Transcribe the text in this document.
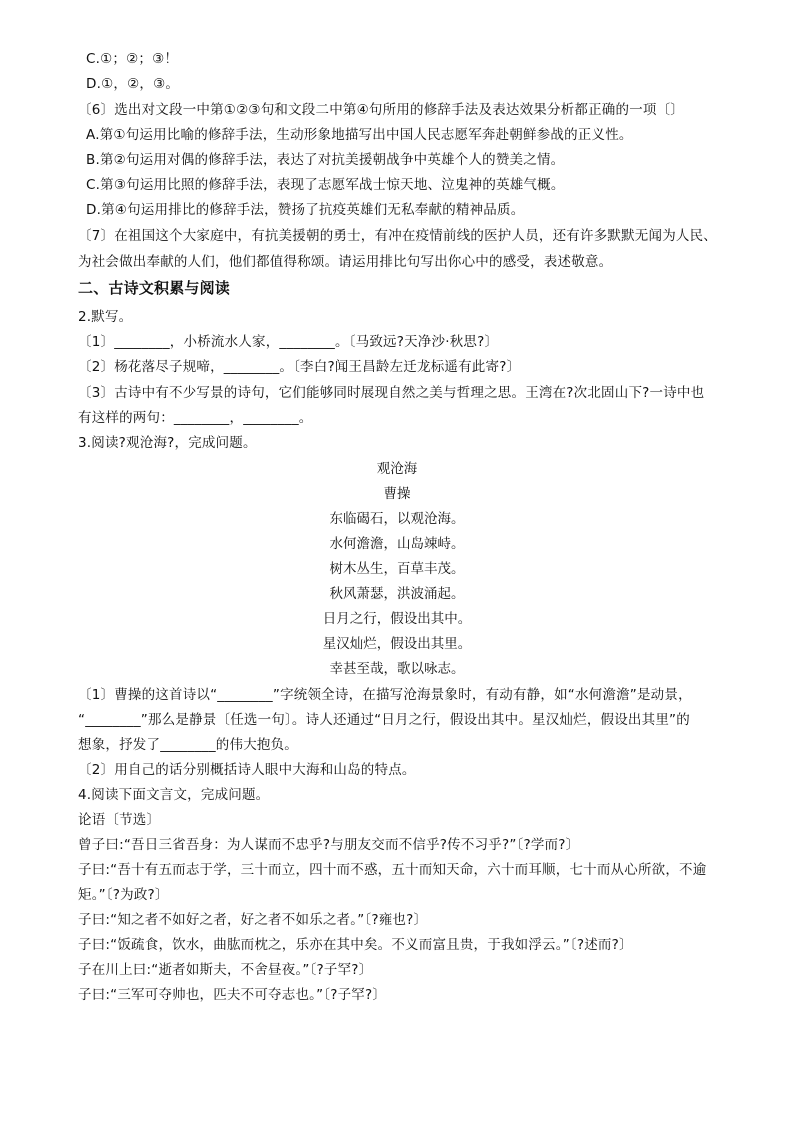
C.①；②；③！
D.①，②，③。
〔6〕选出对文段一中第①②③句和文段二中第④句所用的修辞手法及表达效果分析都正确的一项〔〕
A.第①句运用比喻的修辞手法，生动形象地描写出中国人民志愿军奔赴朝鲜参战的正义性。
B.第②句运用对偶的修辞手法，表达了对抗美援朝战争中英雄个人的赞美之情。
C.第③句运用比照的修辞手法，表现了志愿军战士惊天地、泣鬼神的英雄气概。
D.第④句运用排比的修辞手法，赞扬了抗疫英雄们无私奉献的精神品质。
〔7〕在祖国这个大家庭中，有抗美援朝的勇士，有冲在疫情前线的医护人员，还有许多默默无闻为人民、
为社会做出奉献的人们，他们都值得称颂。请运用排比句写出你心中的感受，表述敬意。
二、古诗文积累与阅读
2.默写。
〔1〕________，小桥流水人家，________。〔马致远?天净沙·秋思?〕
〔2〕杨花落尽子规啼，________。〔李白?闻王昌龄左迁龙标遥有此寄?〕
〔3〕古诗中有不少写景的诗句，它们能够同时展现自然之美与哲理之思。王湾在?次北固山下?一诗中也
有这样的两句：________，________。
3.阅读?观沧海?，完成问题。
观沧海
曹操
东临碣石，以观沧海。
水何澹澹，山岛竦峙。
树木丛生，百草丰茂。
秋风萧瑟，洪波涌起。
日月之行，假设出其中。
星汉灿烂，假设出其里。
幸甚至哉，歌以咏志。
〔1〕曹操的这首诗以“________”字统领全诗，在描写沧海景象时，有动有静，如“水何澹澹”是动景，
“________”那么是静景〔任选一句〕。诗人还通过“日月之行，假设出其中。星汉灿烂，假设出其里”的
想象，抒发了________的伟大抱负。
〔2〕用自己的话分别概括诗人眼中大海和山岛的特点。
4.阅读下面文言文，完成问题。
论语〔节选〕
曾子曰:“吾日三省吾身：为人谋而不忠乎?与朋友交而不信乎?传不习乎?”〔?学而?〕
子曰:“吾十有五而志于学，三十而立，四十而不惑，五十而知天命，六十而耳顺，七十而从心所欲，不逾
矩。”〔?为政?〕
子曰:“知之者不如好之者，好之者不如乐之者。”〔?雍也?〕
子曰:“饭疏食，饮水，曲肱而枕之，乐亦在其中矣。不义而富且贵，于我如浮云。”〔?述而?〕
子在川上曰:“逝者如斯夫，不舍昼夜。”〔?子罕?〕
子曰:“三军可夺帅也，匹夫不可夺志也。”〔?子罕?〕
